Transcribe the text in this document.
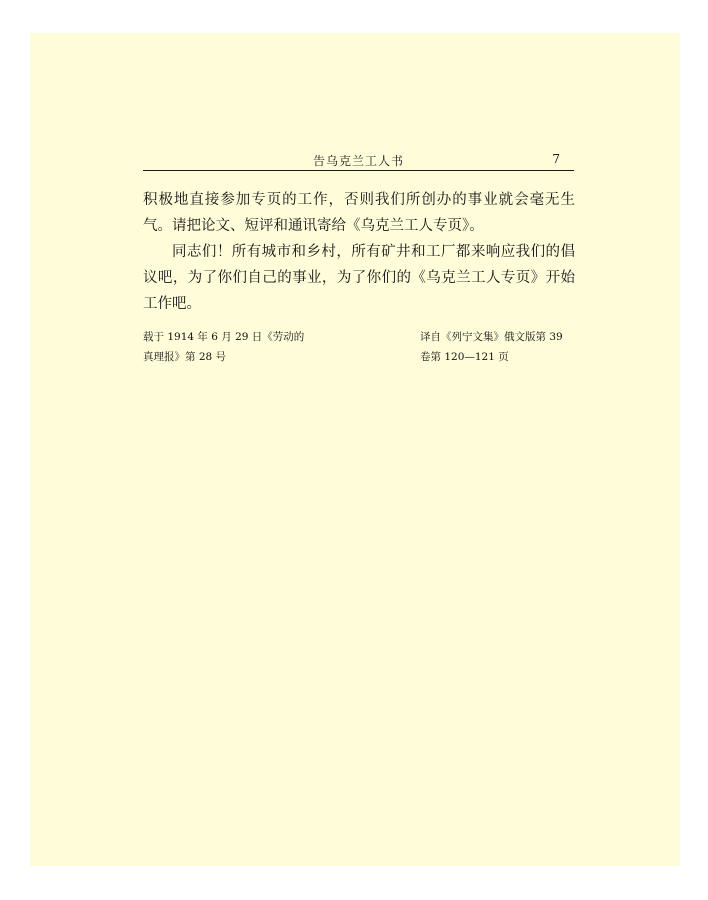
告乌克兰工人书	7

积极地直接参加专页的工作，否则我们所创办的事业就会毫无生气。请把论文、短评和通讯寄给《乌克兰工人专页》。

同志们！所有城市和乡村，所有矿井和工厂都来响应我们的倡议吧，为了你们自己的事业，为了你们的《乌克兰工人专页》开始工作吧。

载于 1914 年 6 月 29 日《劳动的
真理报》第 28 号
译自《列宁文集》俄文版第 39
卷第 120—121 页
